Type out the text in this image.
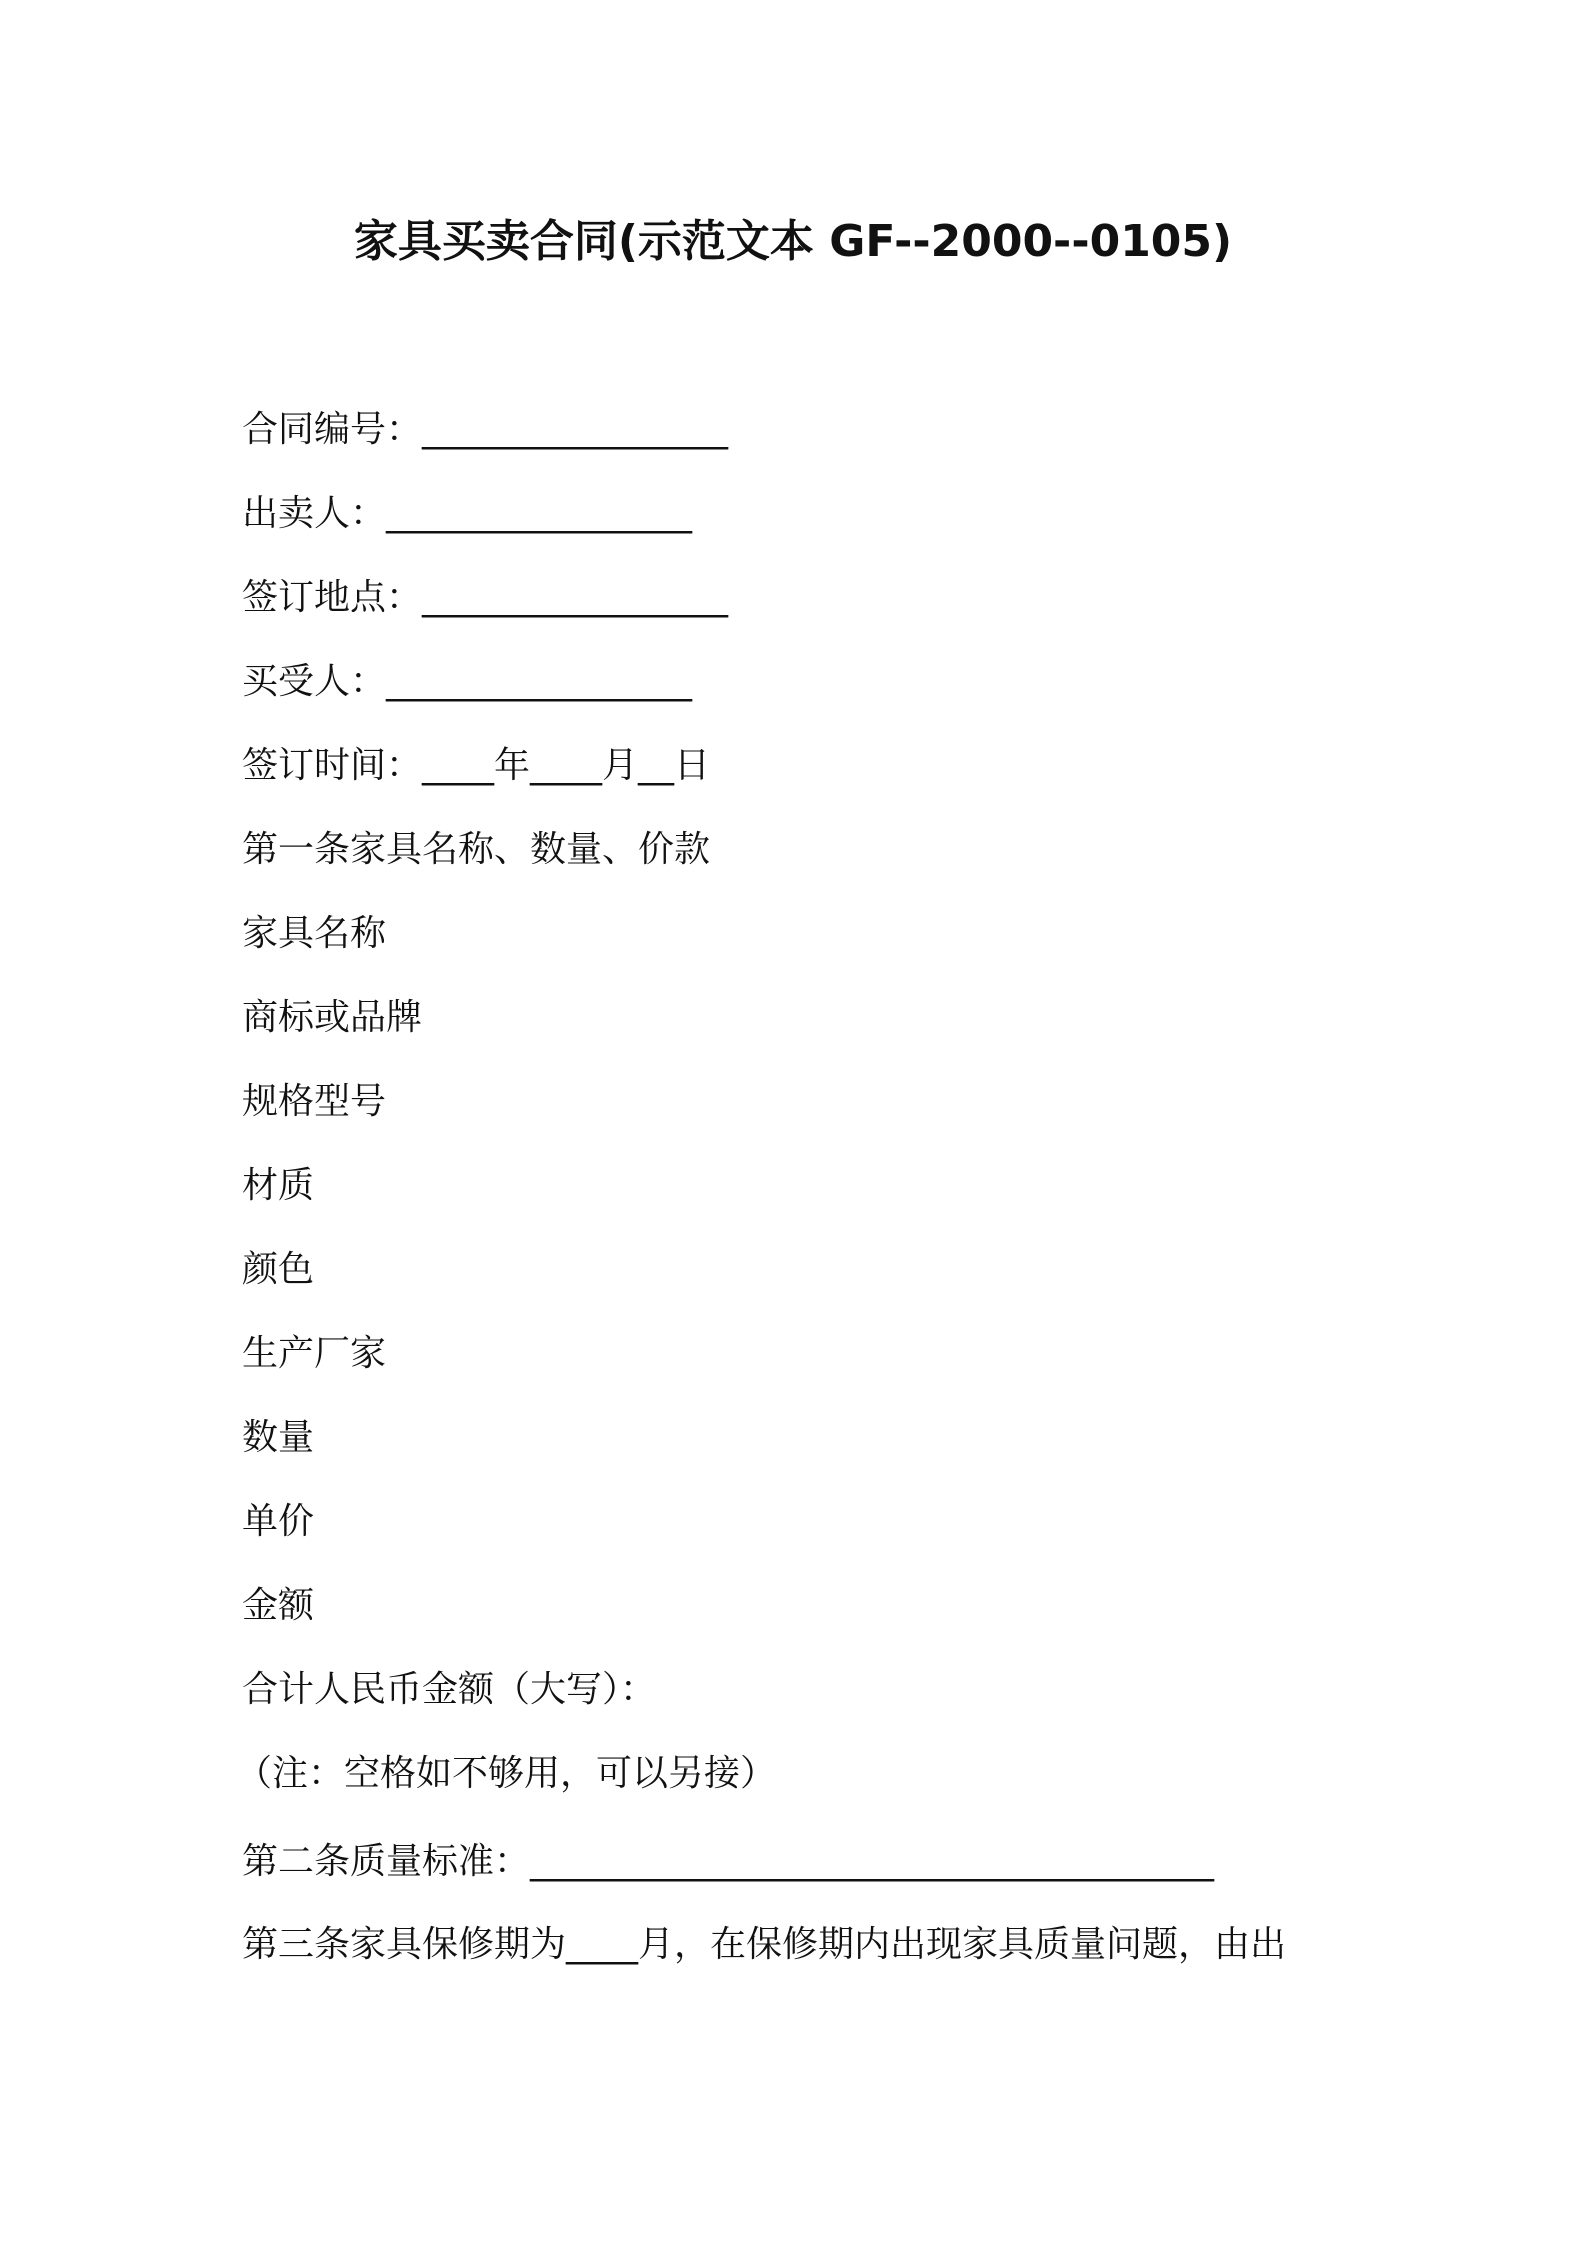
家具买卖合同(示范文本 GF--2000--0105)
合同编号：_________________
出卖人：_________________
签订地点：_________________
买受人：_________________
签订时间：____年____月__日
第一条家具名称、数量、价款
家具名称
商标或品牌
规格型号
材质
颜色
生产厂家
数量
单价
金额
合计人民币金额（大写）：
（注：空格如不够用，可以另接）
第二条质量标准：______________________________________
第三条家具保修期为____月，在保修期内出现家具质量问题，由出
